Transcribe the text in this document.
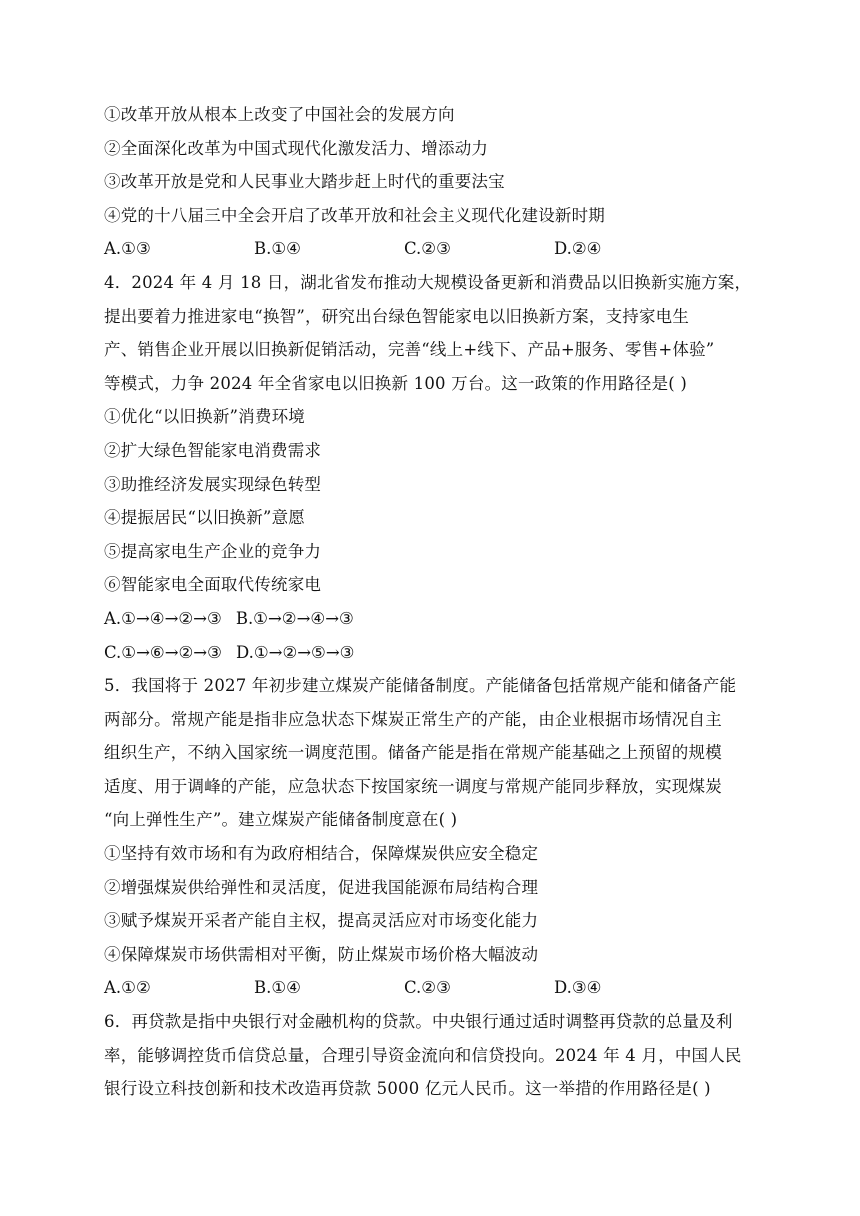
①改革开放从根本上改变了中国社会的发展方向
②全面深化改革为中国式现代化激发活力、增添动力
③改革开放是党和人民事业大踏步赶上时代的重要法宝
④党的十八届三中全会开启了改革开放和社会主义现代化建设新时期
A.①③	B.①④	C.②③	D.②④
4．2024 年 4 月 18 日，湖北省发布推动大规模设备更新和消费品以旧换新实施方案，
提出要着力推进家电“换智”，研究出台绿色智能家电以旧换新方案，支持家电生
产、销售企业开展以旧换新促销活动，完善“线上+线下、产品+服务、零售+体验”
等模式，力争 2024 年全省家电以旧换新 100 万台。这一政策的作用路径是( )
①优化“以旧换新”消费环境
②扩大绿色智能家电消费需求
③助推经济发展实现绿色转型
④提振居民“以旧换新”意愿
⑤提高家电生产企业的竞争力
⑥智能家电全面取代传统家电
A.①→④→②→③ B.①→②→④→③
C.①→⑥→②→③ D.①→②→⑤→③
5．我国将于 2027 年初步建立煤炭产能储备制度。产能储备包括常规产能和储备产能
两部分。常规产能是指非应急状态下煤炭正常生产的产能，由企业根据市场情况自主
组织生产，不纳入国家统一调度范围。储备产能是指在常规产能基础之上预留的规模
适度、用于调峰的产能，应急状态下按国家统一调度与常规产能同步释放，实现煤炭
“向上弹性生产”。建立煤炭产能储备制度意在( )
①坚持有效市场和有为政府相结合，保障煤炭供应安全稳定
②增强煤炭供给弹性和灵活度，促进我国能源布局结构合理
③赋予煤炭开采者产能自主权，提高灵活应对市场变化能力
④保障煤炭市场供需相对平衡，防止煤炭市场价格大幅波动
A.①②	B.①④	C.②③	D.③④
6．再贷款是指中央银行对金融机构的贷款。中央银行通过适时调整再贷款的总量及利
率，能够调控货币信贷总量，合理引导资金流向和信贷投向。2024 年 4 月，中国人民
银行设立科技创新和技术改造再贷款 5000 亿元人民币。这一举措的作用路径是( )
